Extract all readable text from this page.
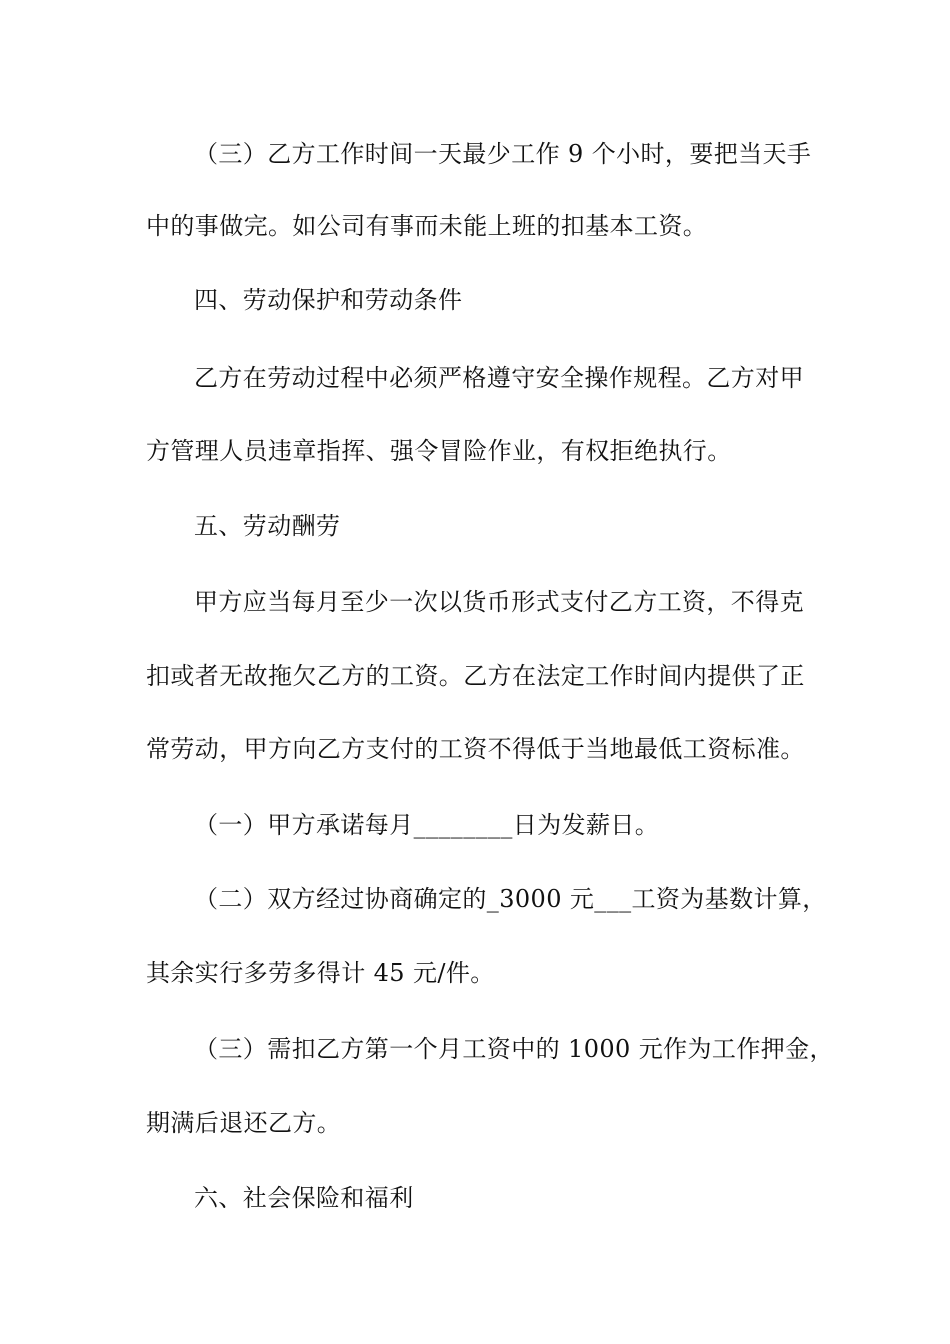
（三）乙方工作时间一天最少工作 9 个小时，要把当天手
中的事做完。如公司有事而未能上班的扣基本工资。
四、劳动保护和劳动条件
乙方在劳动过程中必须严格遵守安全操作规程。乙方对甲
方管理人员违章指挥、强令冒险作业，有权拒绝执行。
五、劳动酬劳
甲方应当每月至少一次以货币形式支付乙方工资，不得克
扣或者无故拖欠乙方的工资。乙方在法定工作时间内提供了正
常劳动，甲方向乙方支付的工资不得低于当地最低工资标准。
（一）甲方承诺每月________日为发薪日。
（二）双方经过协商确定的_3000 元___工资为基数计算，
其余实行多劳多得计 45 元/件。
（三）需扣乙方第一个月工资中的 1000 元作为工作押金，
期满后退还乙方。
六、社会保险和福利
